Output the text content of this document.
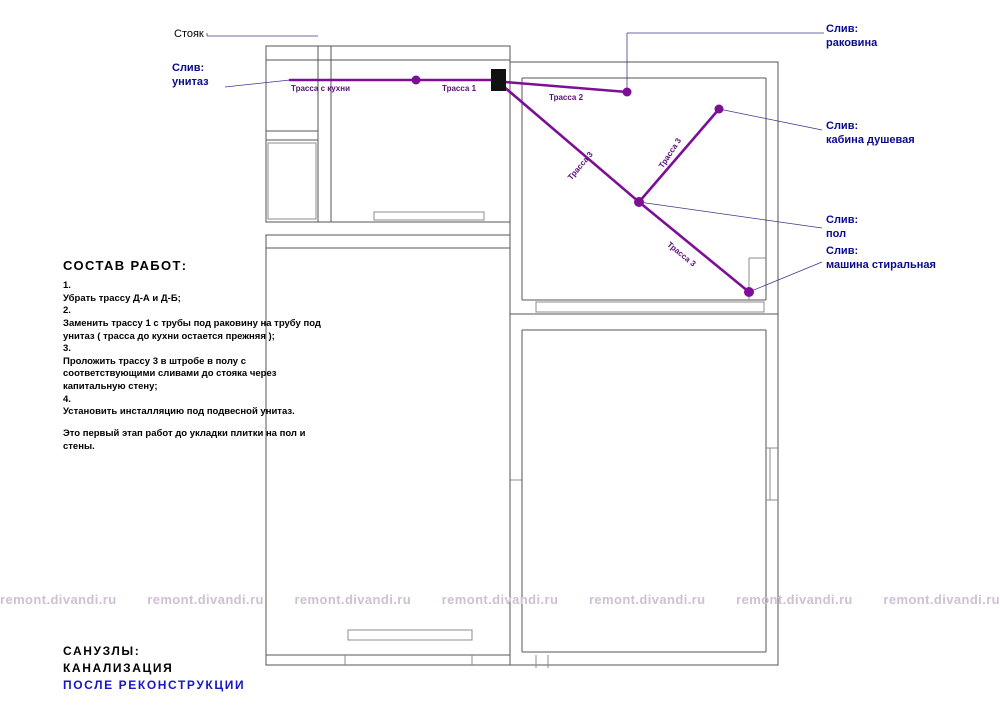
Стояк
Слив:
унитаз
Слив:
раковина
Слив:
кабина душевая
Слив:
пол
Слив:
машина стиральная
Трасса с кухни	Трасса 1
Трасса 2
Трасса 3	Трасса 3
Трасса 3
СОСТАВ РАБОТ:
1.
Убрать трассу Д-А и Д-Б;
2.
Заменить трассу 1 с трубы под раковину на трубу под
унитаз ( трасса до кухни остается прежняя );
3.
Проложить трассу 3 в штробе в полу с
соответствующими сливами до стояка через
капитальную стену;
4.
Установить инсталляцию под подвесной унитаз.
Это первый этап работ до укладки плитки на пол и
стены.
remont.divandi.ru remont.divandi.ru remont.divandi.ru remont.divandi.ru remont.divandi.ru remont.divandi.ru remont.divandi.ru
САНУЗЛЫ:
КАНАЛИЗАЦИЯ
ПОСЛЕ РЕКОНСТРУКЦИИ
